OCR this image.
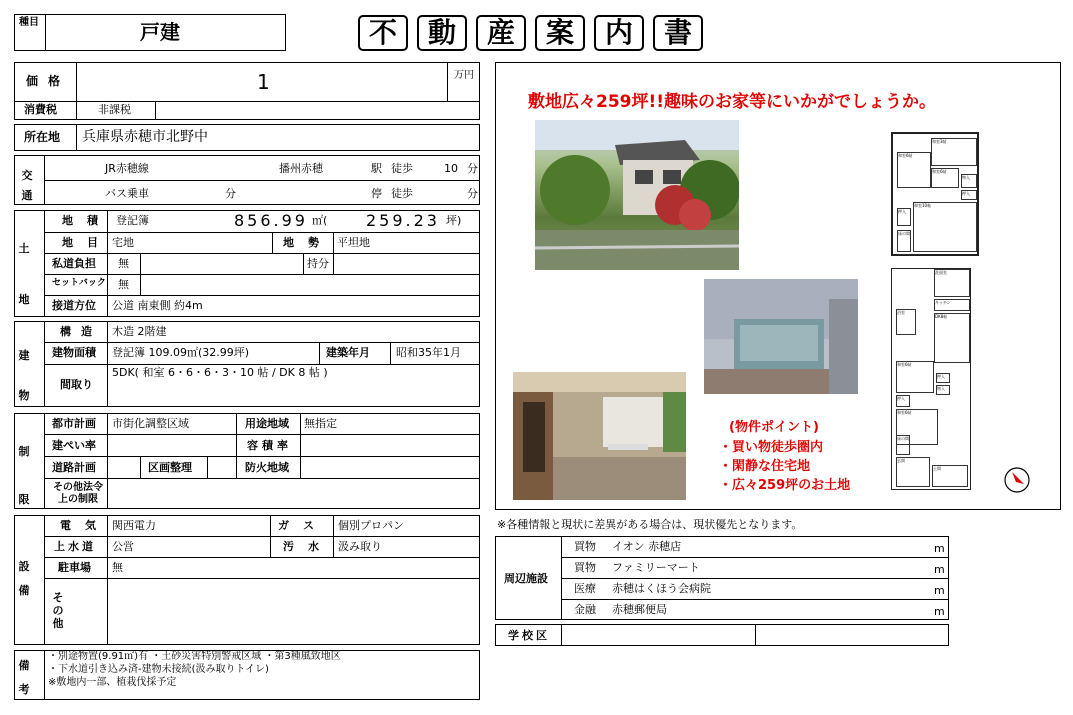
種目	戸建	不 動 産 案 内 書
価格	1	万円
消費税	非課税
所在地 兵庫県赤穂市北野中
交通
JR赤穂線	播州赤穂	駅 徒歩	10 分
バス乗車	分	停 徒歩	分
土地
地積 登記簿	856.99 ㎡( 259.23 坪)
地目 宅地	地勢 平坦地
私道負担 無	持分
セットバック 無
接道方位 公道 南東側 約4m
建物
構造 木造 2階建
建物面積 登記簿 109.09㎡(32.99坪)	建築年月 昭和35年1月
間取り
5DK( 和室 6・6・6・3・10 帖 / DK 8 帖 )
制限
都市計画 市街化調整区域	用途地域 無指定
建ぺい率	容積率
道路計画	区画整理	防火地域
その他法令上の制限
設備
電気 関西電力	ガス 個別プロパン
上水道 公営	汚水 汲み取り
駐車場 無
その他
備考
・別途物置(9.91㎡)有 ・土砂災害特別警戒区域 ・第3種風致地区
・下水道引き込み済-建物未接続(汲み取りトイレ)
※敷地内一部、植栽伐採予定
敷地広々259坪!!趣味のお家等にいかがでしょうか。
(物件ポイント)
・買い物徒歩圏内
・閑静な住宅地
・広々259坪のお土地
和室3帖
和室6帖
和室6帖
和室10帖
押入
物入
押入
床の間
洗面室
キッチン
DK8帖
浴室
和室6帖
和室6帖
押入
物入
押入
床の間
玄関
土間
※各種情報と現状に差異がある場合は、現状優先となります。
周辺施設
買物 イオン 赤穂店	m
買物 ファミリーマート	m
医療 赤穂はくほう会病院	m
金融 赤穂郵便局	m
学校区
